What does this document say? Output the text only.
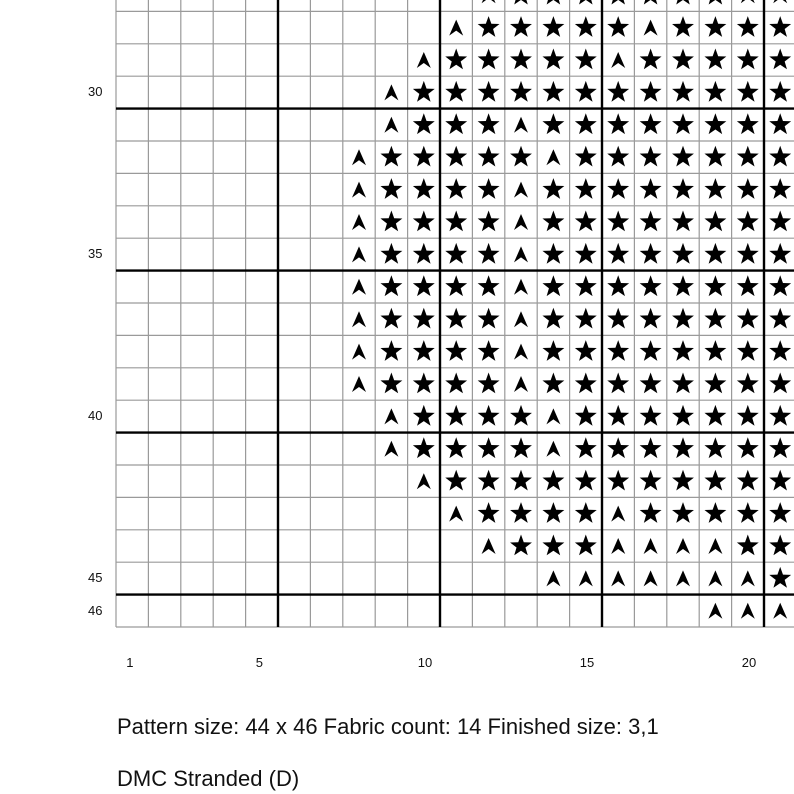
30
35
40
45
46
1	5	10	15	20
Pattern size: 44 x 46 Fabric count: 14 Finished size: 3,1
DMC Stranded (D)
